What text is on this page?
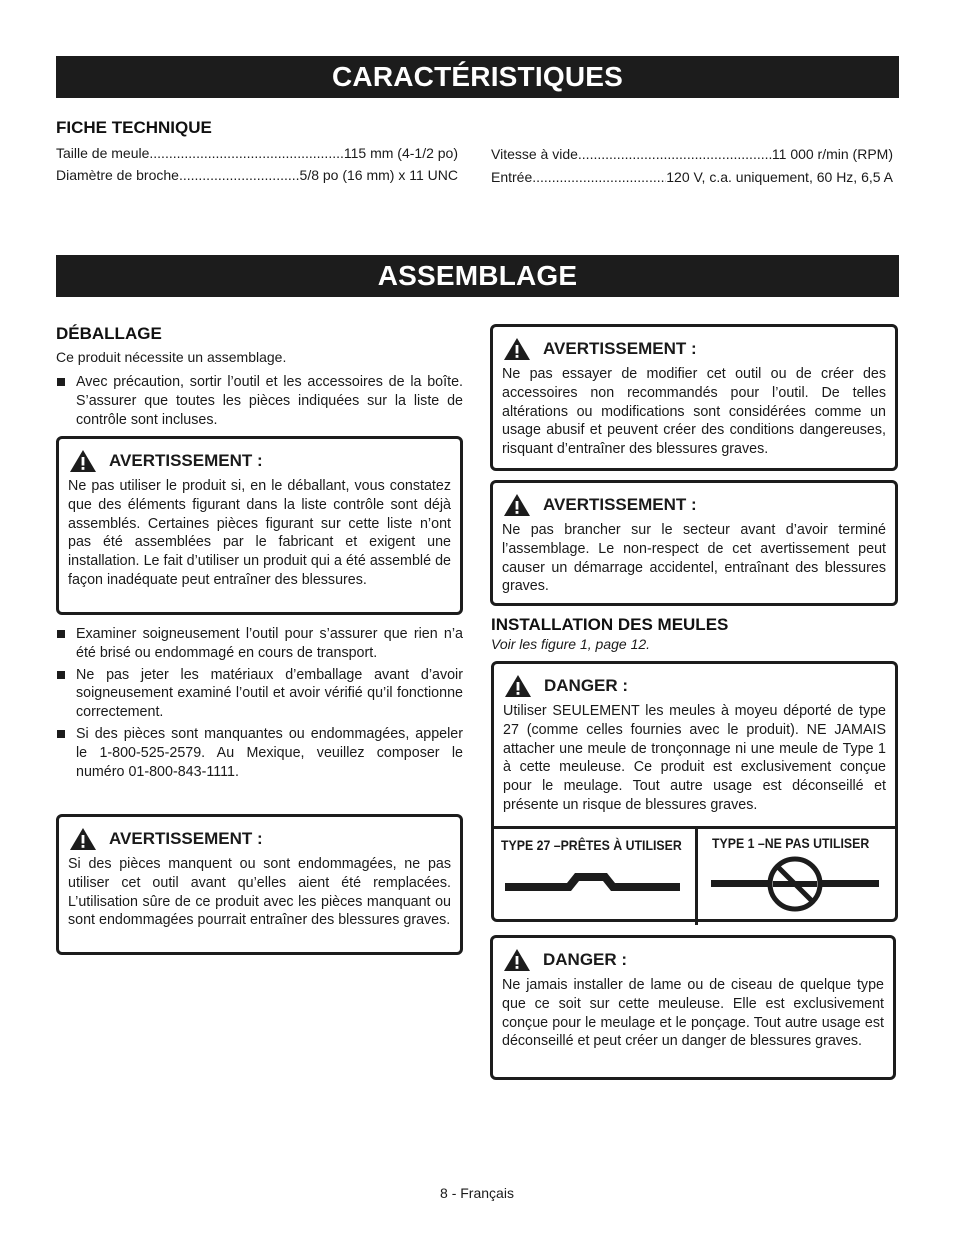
CARACTÉRISTIQUES
FICHE TECHNIQUE
Taille de meule .....	115 mm (4-1/2 po)
Diamètre de broche .....	5/8 po (16 mm) x 11 UNC
Vitesse à vide .....	11 000 r/min (RPM)
Entrée .....	120 V, c.a. uniquement, 60 Hz, 6,5 A
ASSEMBLAGE
DÉBALLAGE
Ce produit nécessite un assemblage.
Avec précaution, sortir l’outil et les accessoires de la boîte. S’assurer que toutes les pièces indiquées sur la liste de contrôle sont incluses.
AVERTISSEMENT :
Ne pas utiliser le produit si, en le déballant, vous constatez que des éléments figurant dans la liste contrôle sont déjà assemblés. Certaines pièces figurant sur cette liste n’ont pas été assemblées par le fabricant et exigent une installation. Le fait d’utiliser un produit qui a été assemblé de façon inadéquate peut entraîner des blessures.
Examiner soigneusement l’outil pour s’assurer que rien n’a été brisé ou endommagé en cours de transport.
Ne pas jeter les matériaux d’emballage avant d’avoir soigneusement examiné l’outil et avoir vérifié qu’il fonctionne correctement.
Si des pièces sont manquantes ou endommagées, appeler le 1-800-525-2579. Au Mexique, veuillez composer le numéro 01-800-843-1111.
AVERTISSEMENT :
Si des pièces manquent ou sont endommagées, ne pas utiliser cet outil avant qu’elles aient été remplacées. L’utilisation sûre de ce produit avec les pièces manquant ou sont endommagées pourrait entraîner des blessures graves.
AVERTISSEMENT :
Ne pas essayer de modifier cet outil ou de créer des accessoires non recommandés pour l’outil. De telles altérations ou modifications sont considérées comme un usage abusif et peuvent créer des conditions dangereuses, risquant d’entraîner des blessures graves.
AVERTISSEMENT :
Ne pas brancher sur le secteur avant d’avoir terminé l’assemblage. Le non-respect de cet avertissement peut causer un démarrage accidentel, entraînant des blessures graves.
INSTALLATION DES MEULES
Voir les figure 1, page 12.
DANGER :
Utiliser SEULEMENT les meules à moyeu déporté de type 27 (comme celles fournies avec le produit). NE JAMAIS attacher une meule de tronçonnage ni une meule de Type 1 à cette meuleuse. Ce produit est exclusivement conçue pour le meulage. Tout autre usage est déconseillé et présente un risque de blessures graves.
TYPE 27 –PRÊTES À UTILISER TYPE 1 –NE PAS UTILISER
DANGER :
Ne jamais installer de lame ou de ciseau de quelque type que ce soit sur cette meuleuse. Elle est exclusivement conçue pour le meulage et le ponçage. Tout autre usage est déconseillé et peut créer un danger de blessures graves.
8 - Français
